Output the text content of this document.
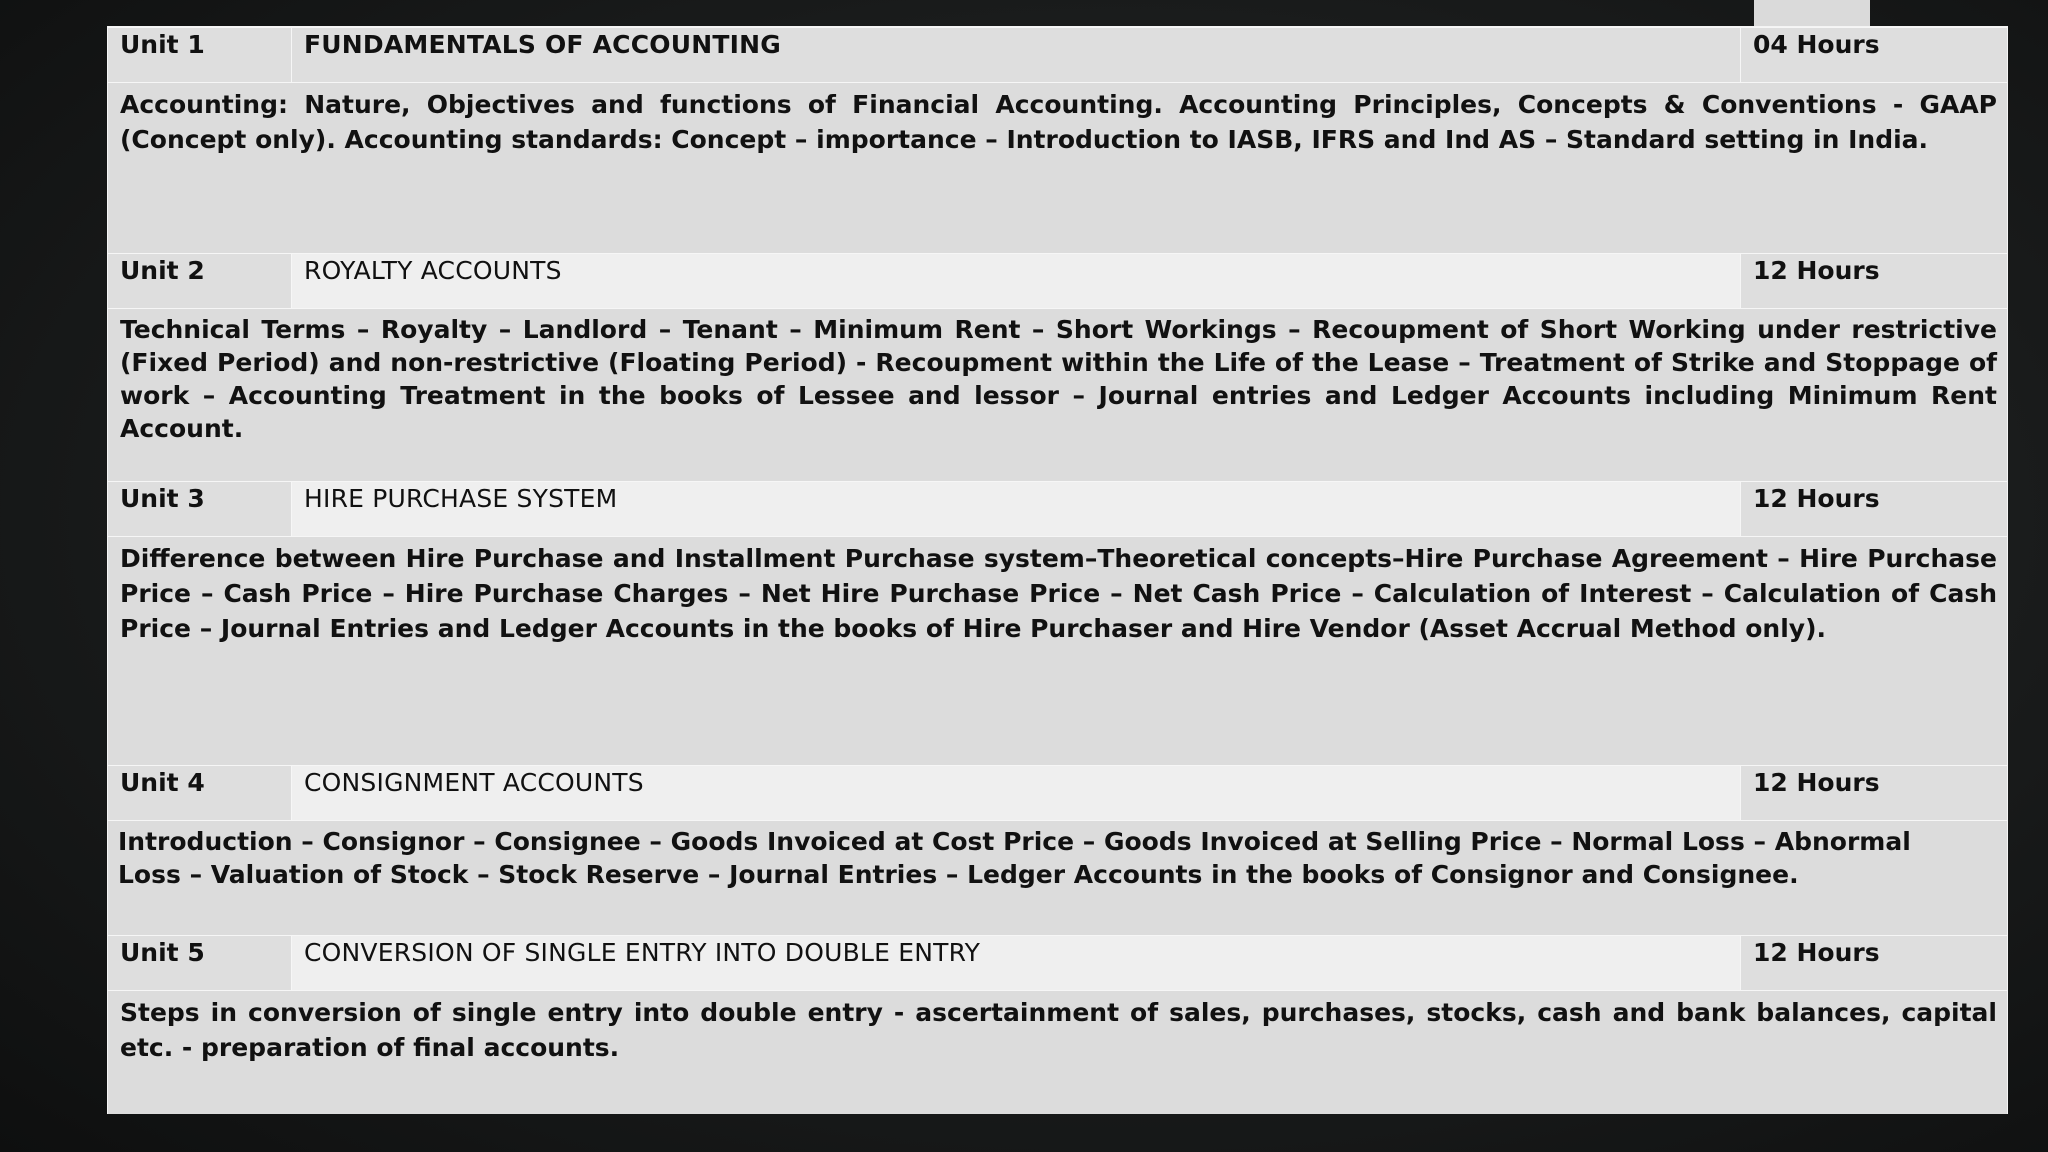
Unit 1	FUNDAMENTALS OF ACCOUNTING	04 Hours
Accounting: Nature, Objectives and functions of Financial Accounting. Accounting Principles, Concepts & Conventions - GAAP (Concept only). Accounting standards: Concept – importance – Introduction to IASB, IFRS and Ind AS – Standard setting in India.
Unit 2	ROYALTY ACCOUNTS	12 Hours
Technical Terms – Royalty – Landlord – Tenant – Minimum Rent – Short Workings – Recoupment of Short Working under restrictive (Fixed Period) and non-restrictive (Floating Period) - Recoupment within the Life of the Lease – Treatment of Strike and Stoppage of work – Accounting Treatment in the books of Lessee and lessor – Journal entries and Ledger Accounts including Minimum Rent Account.
Unit 3	HIRE PURCHASE SYSTEM	12 Hours
Difference between Hire Purchase and Installment Purchase system–Theoretical concepts–Hire Purchase Agreement – Hire Purchase Price – Cash Price – Hire Purchase Charges – Net Hire Purchase Price – Net Cash Price – Calculation of Interest – Calculation of Cash Price – Journal Entries and Ledger Accounts in the books of Hire Purchaser and Hire Vendor (Asset Accrual Method only).
Unit 4	CONSIGNMENT ACCOUNTS	12 Hours
Introduction – Consignor – Consignee – Goods Invoiced at Cost Price – Goods Invoiced at Selling Price – Normal Loss – Abnormal Loss – Valuation of Stock – Stock Reserve – Journal Entries – Ledger Accounts in the books of Consignor and Consignee.
Unit 5	CONVERSION OF SINGLE ENTRY INTO DOUBLE ENTRY	12 Hours
Steps in conversion of single entry into double entry - ascertainment of sales, purchases, stocks, cash and bank balances, capital etc. - preparation of final accounts.
